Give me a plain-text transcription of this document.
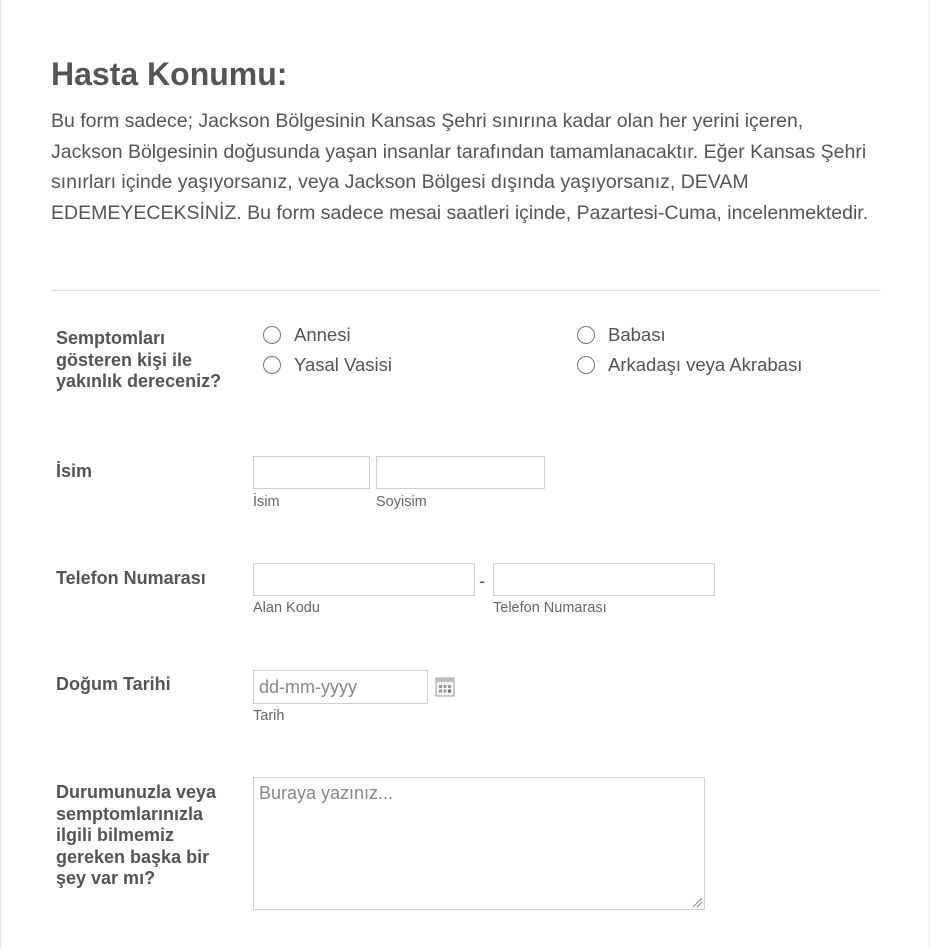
Hasta Konumu:
Bu form sadece; Jackson Bölgesinin Kansas Şehri sınırına kadar olan her yerini içeren, Jackson Bölgesinin doğusunda yaşan insanlar tarafından tamamlanacaktır. Eğer Kansas Şehri sınırları içinde yaşıyorsanız, veya Jackson Bölgesi dışında yaşıyorsanız, DEVAM EDEMEYECEKSİNİZ. Bu form sadece mesai saatleri içinde, Pazartesi-Cuma, incelenmektedir.
Semptomları gösteren kişi ile yakınlık dereceniz?
Annesi	Babası
Yasal Vasisi	Arkadaşı veya Akrabası
İsim
İsim	Soyisim
Telefon Numarası	-
Alan Kodu	Telefon Numarası
Doğum Tarihi
dd-mm-yyyy
Tarih
Durumunuzla veya semptomlarınızla ilgili bilmemiz gereken başka bir şey var mı?
Buraya yazınız...
